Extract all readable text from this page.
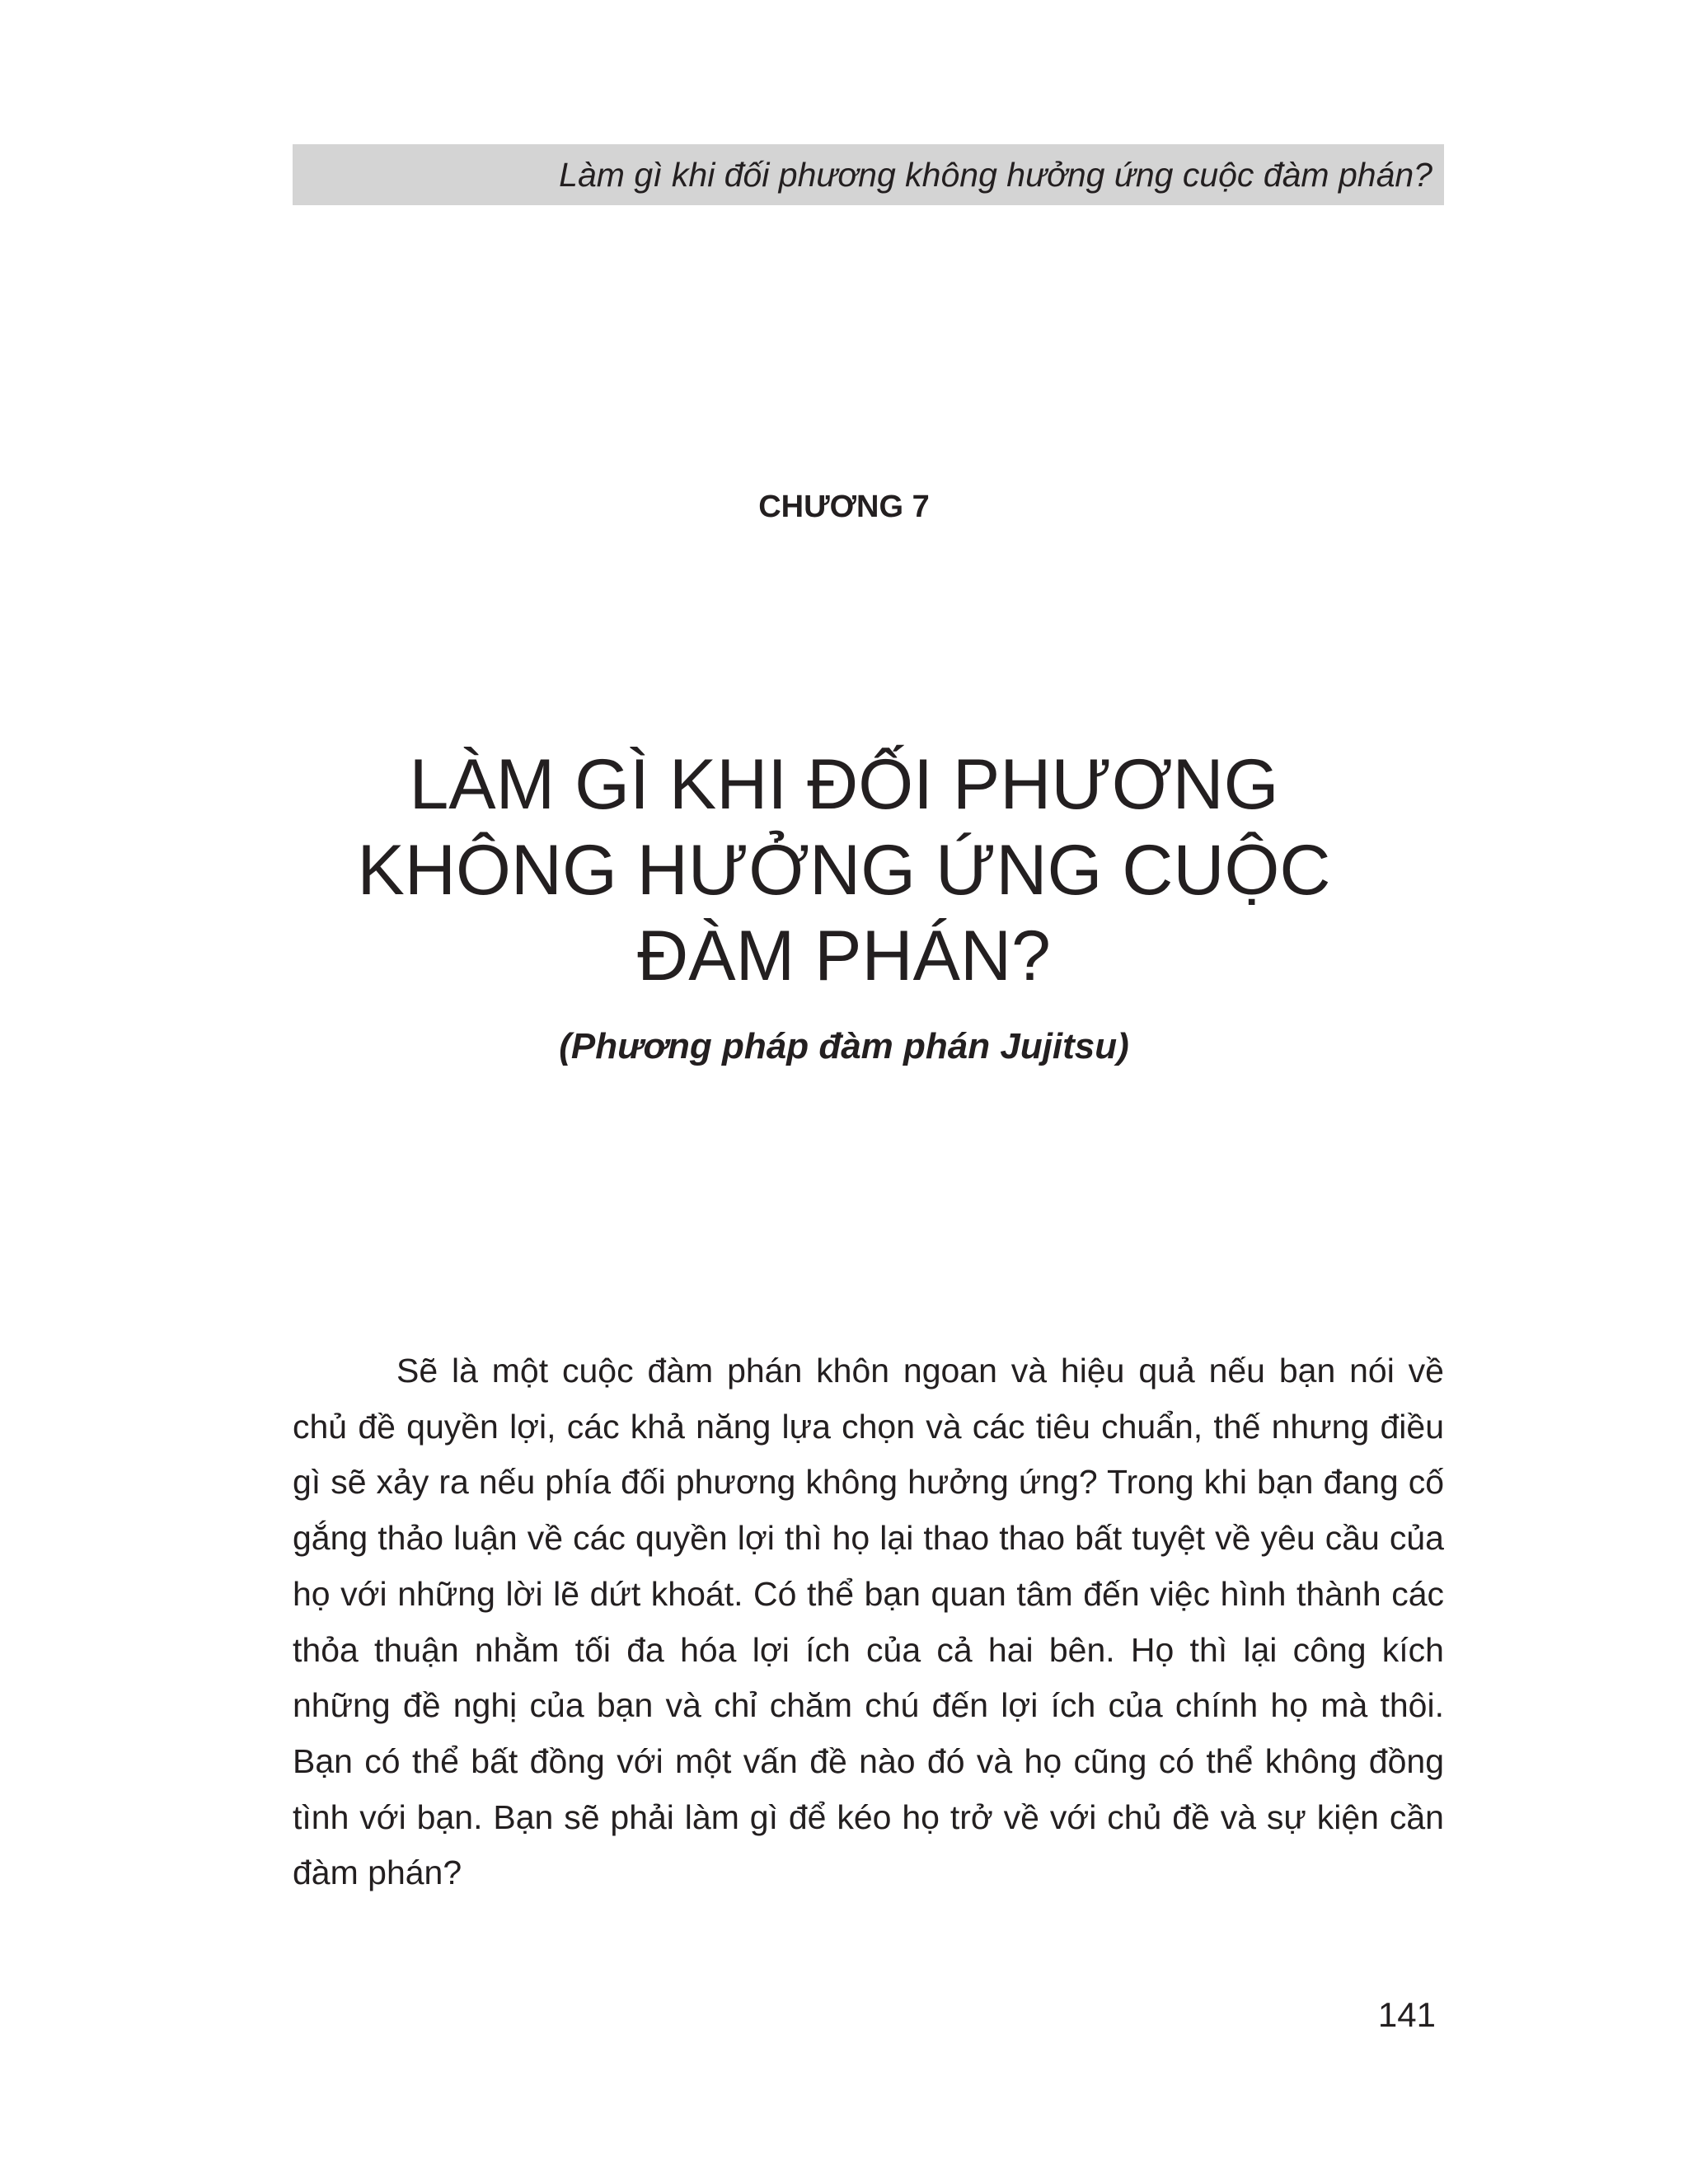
Làm gì khi đối phương không hưởng ứng cuộc đàm phán?
CHƯƠNG 7
LÀM GÌ KHI ĐỐI PHƯƠNG
KHÔNG HƯỞNG ỨNG CUỘC
ĐÀM PHÁN?
(Phương pháp đàm phán Jujitsu)

Sẽ là một cuộc đàm phán khôn ngoan và hiệu quả nếu bạn nói về chủ đề quyền lợi, các khả năng lựa chọn và các tiêu chuẩn, thế nhưng điều gì sẽ xảy ra nếu phía đối phương không hưởng ứng? Trong khi bạn đang cố gắng thảo luận về các quyền lợi thì họ lại thao thao bất tuyệt về yêu cầu của họ với những lời lẽ dứt khoát. Có thể bạn quan tâm đến việc hình thành các thỏa thuận nhằm tối đa hóa lợi ích của cả hai bên. Họ thì lại công kích những đề nghị của bạn và chỉ chăm chú đến lợi ích của chính họ mà thôi. Bạn có thể bất đồng với một vấn đề nào đó và họ cũng có thể không đồng tình với bạn. Bạn sẽ phải làm gì để kéo họ trở về với chủ đề và sự kiện cần đàm phán?

141
